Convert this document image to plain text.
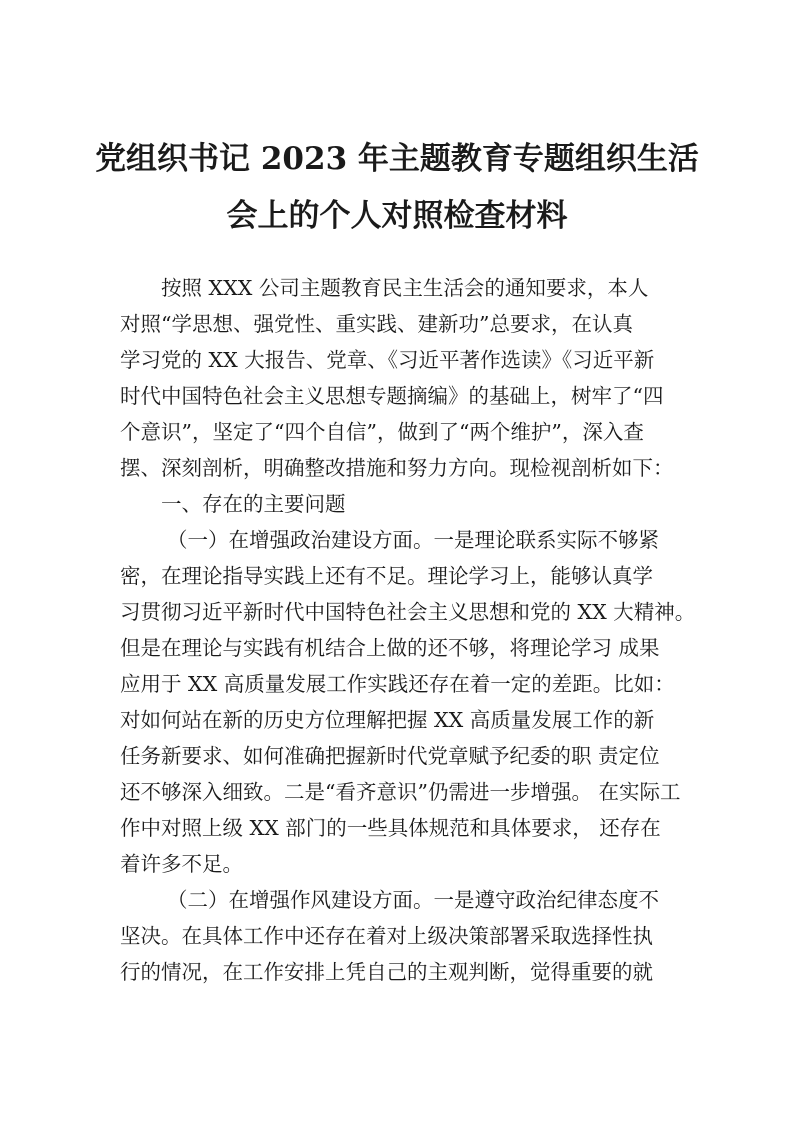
党组织书记 2023 年主题教育专题组织生活
会上的个人对照检查材料
按照 XXX 公司主题教育民主生活会的通知要求，本人
对照“学思想、强党性、重实践、建新功”总要求，在认真
学习党的 XX 大报告、党章、《习近平著作选读》《习近平新
时代中国特色社会主义思想专题摘编》的基础上，树牢了“四
个意识”，坚定了“四个自信”，做到了“两个维护”，深入查
摆、深刻剖析，明确整改措施和努力方向。现检视剖析如下：
一、存在的主要问题
（一）在增强政治建设方面。一是理论联系实际不够紧
密，在理论指导实践上还有不足。理论学习上，能够认真学
习贯彻习近平新时代中国特色社会主义思想和党的 XX 大精神。
但是在理论与实践有机结合上做的还不够，将理论学习 成果
应用于 XX 高质量发展工作实践还存在着一定的差距。比如：
对如何站在新的历史方位理解把握 XX 高质量发展工作的新
任务新要求、如何准确把握新时代党章赋予纪委的职 责定位
还不够深入细致。二是“看齐意识”仍需进一步增强。 在实际工
作中对照上级 XX 部门的一些具体规范和具体要求， 还存在
着许多不足。
（二）在增强作风建设方面。一是遵守政治纪律态度不
坚决。在具体工作中还存在着对上级决策部署采取选择性执
行的情况，在工作安排上凭自己的主观判断，觉得重要的就
